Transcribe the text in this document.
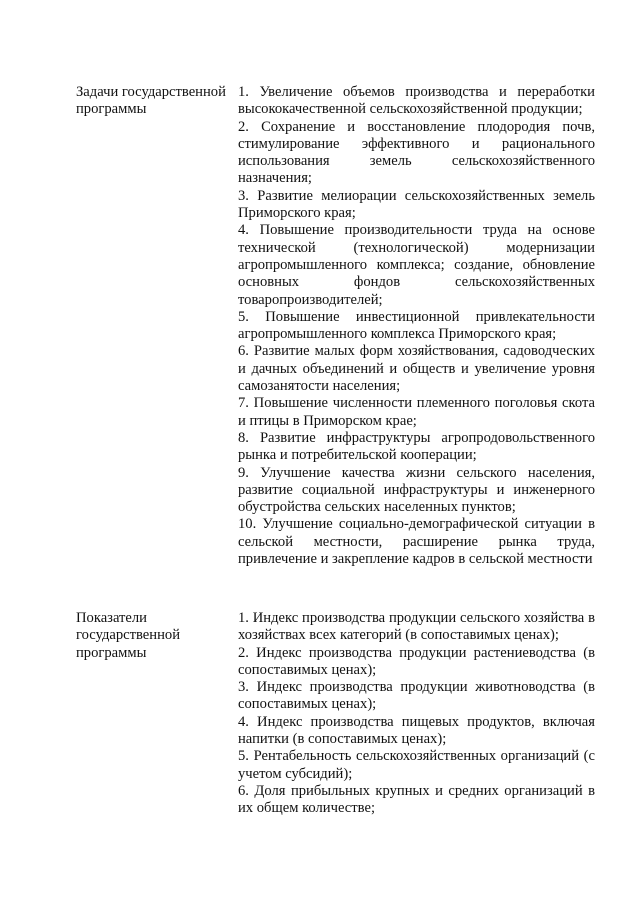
Задачи государственной
программы

1. Увеличение объемов производства и переработки высококачественной сельскохозяйственной продукции;

2. Сохранение и восстановление плодородия почв, стимулирование эффективного и рационального использования земель сельскохозяйственного назначения;

3. Развитие мелиорации сельскохозяйственных земель Приморского края;

4. Повышение производительности труда на основе технической (технологической) модернизации агропромышленного комплекса; создание, обновление основных фондов сельскохозяйственных товаропроизводителей;

5. Повышение инвестиционной привлекательности агропромышленного комплекса Приморского края;

6. Развитие малых форм хозяйствования, садоводческих и дачных объединений и обществ и увеличение уровня самозанятости населения;

7. Повышение численности племенного поголовья скота и птицы в Приморском крае;

8. Развитие инфраструктуры агропродовольственного рынка и потребительской кооперации;

9. Улучшение качества жизни сельского населения, развитие социальной инфраструктуры и инженерного обустройства сельских населенных пунктов;

10. Улучшение социально-демографической ситуации в сельской местности, расширение рынка труда, привлечение и закрепление кадров в сельской местности

Показатели
государственной
программы

1. Индекс производства продукции сельского хозяйства в хозяйствах всех категорий (в сопоставимых ценах);

2. Индекс производства продукции растениеводства (в сопоставимых ценах);

3. Индекс производства продукции животноводства (в сопоставимых ценах);

4. Индекс производства пищевых продуктов, включая напитки (в сопоставимых ценах);

5. Рентабельность сельскохозяйственных организаций (с учетом субсидий);

6. Доля прибыльных крупных и средних организаций в их общем количестве;
